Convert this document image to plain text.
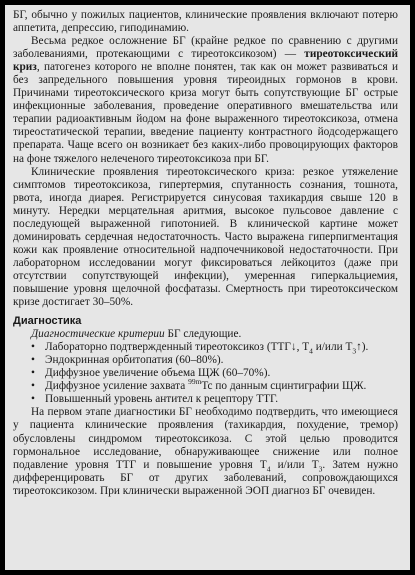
БГ, обычно у пожилых пациентов, клинические проявления включают потерю аппетита, депрессию, гиподинамию.

Весьма редкое осложнение БГ (крайне редкое по сравнению с другими заболеваниями, протекающими с тиреотоксикозом) — тиреотоксический криз, патогенез которого не вполне понятен, так как он может развиваться и без запредельного повышения уровня тиреоидных гормонов в крови. Причинами тиреотоксического криза могут быть сопутствующие БГ острые инфекционные заболевания, проведение оперативного вмешательства или терапии радиоактивным йодом на фоне выраженного тиреотоксикоза, отмена тиреостатической терапии, введение пациенту контрастного йодсодержащего препарата. Чаще всего он возникает без каких-либо провоцирующих факторов на фоне тяжелого нелеченого тиреотоксикоза при БГ.

Клинические проявления тиреотоксического криза: резкое утяжеление симптомов тиреотоксикоза, гипертермия, спутанность сознания, тошнота, рвота, иногда диарея. Регистрируется синусовая тахикардия свыше 120 в минуту. Нередки мерцательная аритмия, высокое пульсовое давление с последующей выраженной гипотонией. В клинической картине может доминировать сердечная недостаточность. Часто выражена гиперпигментация кожи как проявление относительной надпочечниковой недостаточности. При лабораторном исследовании могут фиксироваться лейкоцитоз (даже при отсутствии сопутствующей инфекции), умеренная гиперкальциемия, повышение уровня щелочной фосфатазы. Смертность при тиреотоксическом кризе достигает 30–50%.

Диагностика

Диагностические критерии БГ следующие.

• Лабораторно подтвержденный тиреотоксикоз (ТТГ↓, $Т_4$ и/или $Т_3↑$).
• Эндокринная орбитопатия (60–80%).
• Диффузное увеличение объема ЩЖ (60–70%).
• Диффузное усиление захвата $^{99m}$Tc по данным сцинтиграфии ЩЖ.
• Повышенный уровень антител к рецептору ТТГ.

На первом этапе диагностики БГ необходимо подтвердить, что имеющиеся у пациента клинические проявления (тахикардия, похудение, тремор) обусловлены синдромом тиреотоксикоза. С этой целью проводится гормональное исследование, обнаруживающее снижение или полное подавление уровня ТТГ и повышение уровня $Т_4$ и/или $Т_3$. Затем нужно дифференцировать БГ от других заболеваний, сопровождающихся тиреотоксикозом. При клинически выраженной ЭОП диагноз БГ очевиден.
